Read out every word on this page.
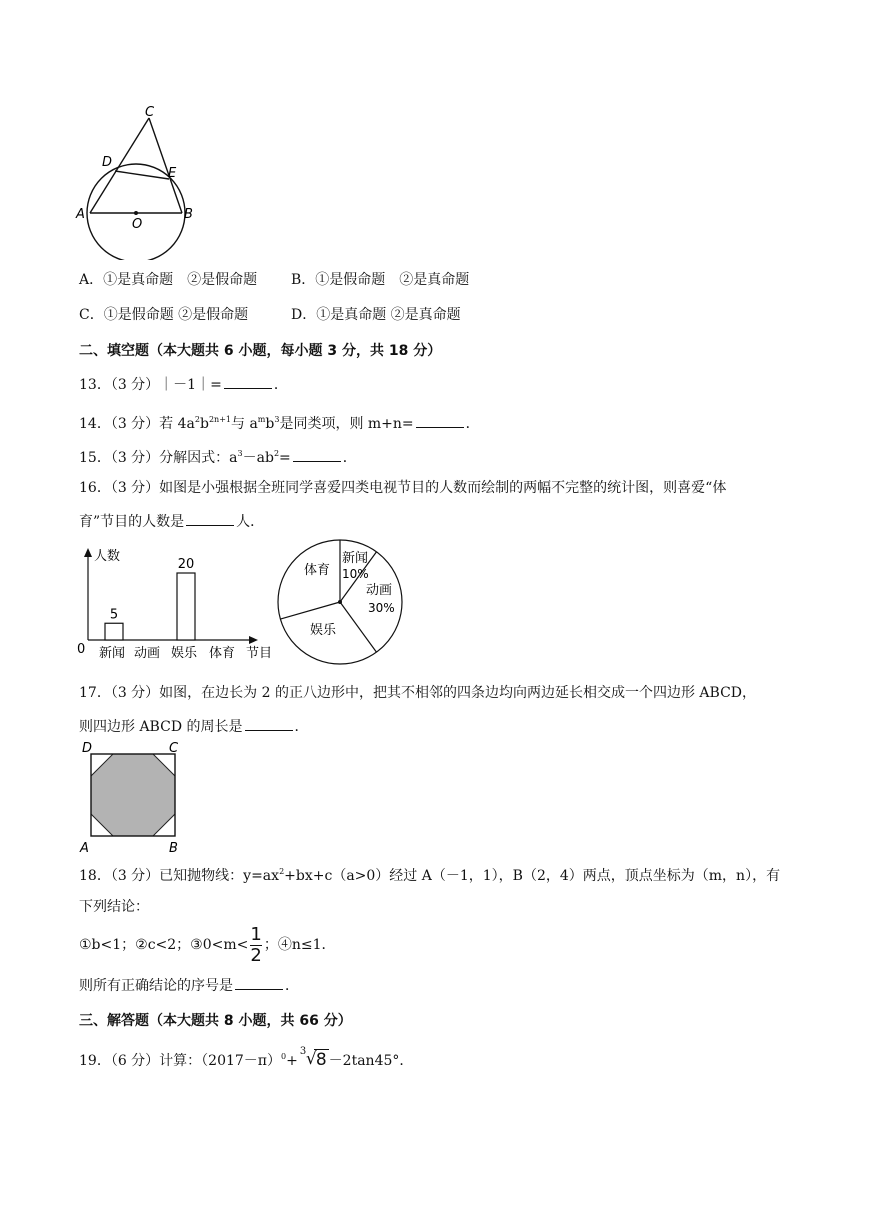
C
D
E
A	B
O
A．①是真命题　②是假命题 B．①是假命题　②是真命题
C．①是假命题 ②是假命题	D．①是真命题 ②是真命题
二、填空题（本大题共 6 小题，每小题 3 分，共 18 分）
13．（3 分）｜－1｜=	．
14．（3 分）若 $4a^2b^{2n+1}$与 $a^mb^3$是同类项，则 m+n=	．
15．（3 分）分解因式：$a^3-ab^2=$	．
16．（3 分）如图是小强根据全班同学喜爱四类电视节目的人数而绘制的两幅不完整的统计图，则喜爱“体
育”节目的人数是	人．
人数
节目
0 新闻
5
动画 娱乐
20
体育
新闻
10%
动画
30%
娱乐
体育
17．（3 分）如图，在边长为 2 的正八边形中，把其不相邻的四条边均向两边延长相交成一个四边形 ABCD，
则四边形 ABCD 的周长是	．
D	C
A	B
18．（3 分）已知抛物线：$y=ax^2+bx+c(a>0)$经过 A（－1，1），B（2，4）两点，顶点坐标为（m，n），有
下列结论：
①b<1；②c<2；③0<m< $\frac{1}{2}$ ；④n≤1．
则所有正确结论的序号是	．
三、解答题（本大题共 8 小题，共 66 分）
19．（6 分）计算：$(2017-\pi)^0+$
3 √ 8 －2tan45°．
